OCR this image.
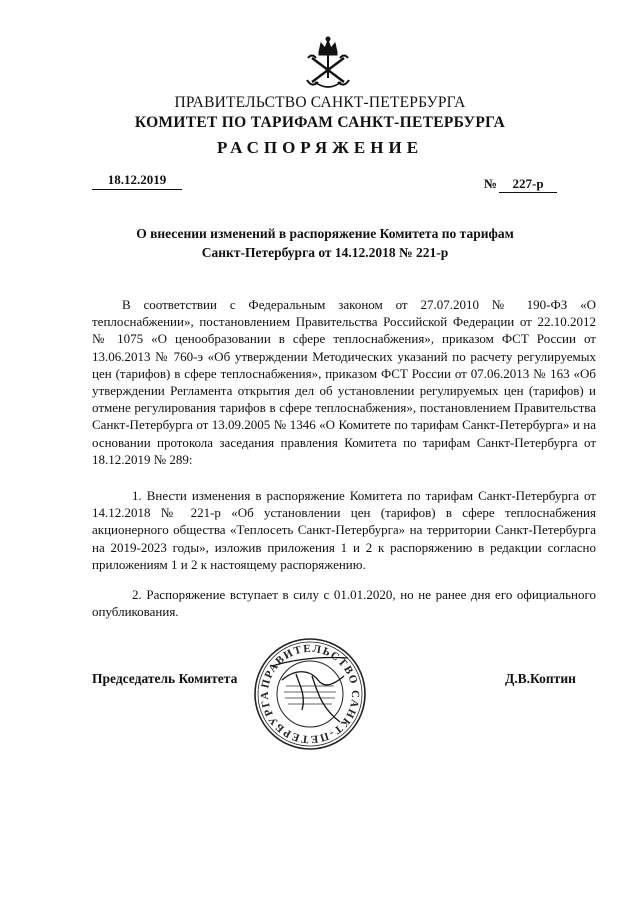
ПРАВИТЕЛЬСТВО САНКТ-ПЕТЕРБУРГА
КОМИТЕТ ПО ТАРИФАМ САНКТ-ПЕТЕРБУРГА
РАСПОРЯЖЕНИЕ
18.12.2019	№ 227-р
О внесении изменений в распоряжение Комитета по тарифам
Санкт-Петербурга от 14.12.2018 № 221-р
В соответствии с Федеральным законом от 27.07.2010 № 190-ФЗ «О теплоснабжении», постановлением Правительства Российской Федерации от 22.10.2012 № 1075 «О ценообразовании в сфере теплоснабжения», приказом ФСТ России от 13.06.2013 № 760-э «Об утверждении Методических указаний по расчету регулируемых цен (тарифов) в сфере теплоснабжения», приказом ФСТ России от 07.06.2013 № 163 «Об утверждении Регламента открытия дел об установлении регулируемых цен (тарифов) и отмене регулирования тарифов в сфере теплоснабжения», постановлением Правительства Санкт-Петербурга от 13.09.2005 № 1346 «О Комитете по тарифам Санкт-Петербурга» и на основании протокола заседания правления Комитета по тарифам Санкт-Петербурга от 18.12.2019 № 289:
1. Внести изменения в распоряжение Комитета по тарифам Санкт-Петербурга от 14.12.2018 № 221-р «Об установлении цен (тарифов) в сфере теплоснабжения акционерного общества «Теплосеть Санкт-Петербурга» на территории Санкт-Петербурга на 2019-2023 годы», изложив приложения 1 и 2 к распоряжению в редакции согласно приложениям 1 и 2 к настоящему распоряжению.
2. Распоряжение вступает в силу с 01.01.2020, но не ранее дня его официального опубликования.
Председатель Комитета	Д.В.Коптин
ПРАВИТЕЛЬСТВО САНКТ-ПЕТЕРБУРГА
